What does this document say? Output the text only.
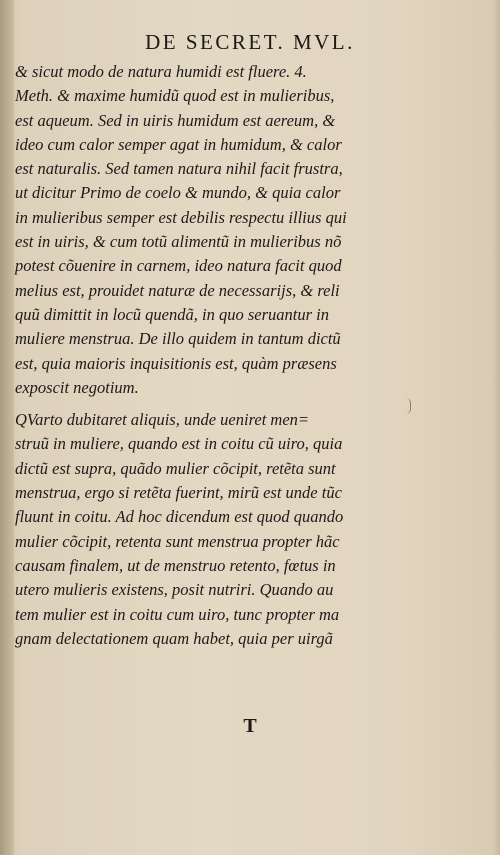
DE SECRET. MVL.
& sicut modo de natura humidi est fluere. 4.
Meth. & maxime humidũ quod est in mulieribus,
est aqueum. Sed in uiris humidum est aereum, &
ideo cum calor semper agat in humidum, & calor
est naturalis. Sed tamen natura nihil facit frustra,
ut dicitur Primo de coelo & mundo, & quia calor
in mulieribus semper est debilis respectu illius qui
est in uiris, & cum totũ alimentũ in mulieribus nõ
potest cõuenire in carnem, ideo natura facit quod
melius est, prouidet naturæ de necessarijs, & reli
quũ dimittit in locũ quendã, in quo seruantur in
muliere menstrua. De illo quidem in tantum dictũ
est, quia maioris inquisitionis est, quàm præsens
exposcit negotium.
QVarto dubitaret aliquis, unde ueniret men=
struũ in muliere, quando est in coitu cũ uiro, quia
dictũ est supra, quãdo mulier cõcipit, retẽta sunt
menstrua, ergo si retẽta fuerint, mirũ est unde tũc
fluunt in coitu. Ad hoc dicendum est quod quando
mulier cõcipit, retenta sunt menstrua propter hãc
causam finalem, ut de menstruo retento, fœtus in
utero mulieris existens, posit nutriri. Quando au
tem mulier est in coitu cum uiro, tunc propter ma
gnam delectationem quam habet, quia per uirgã
T
